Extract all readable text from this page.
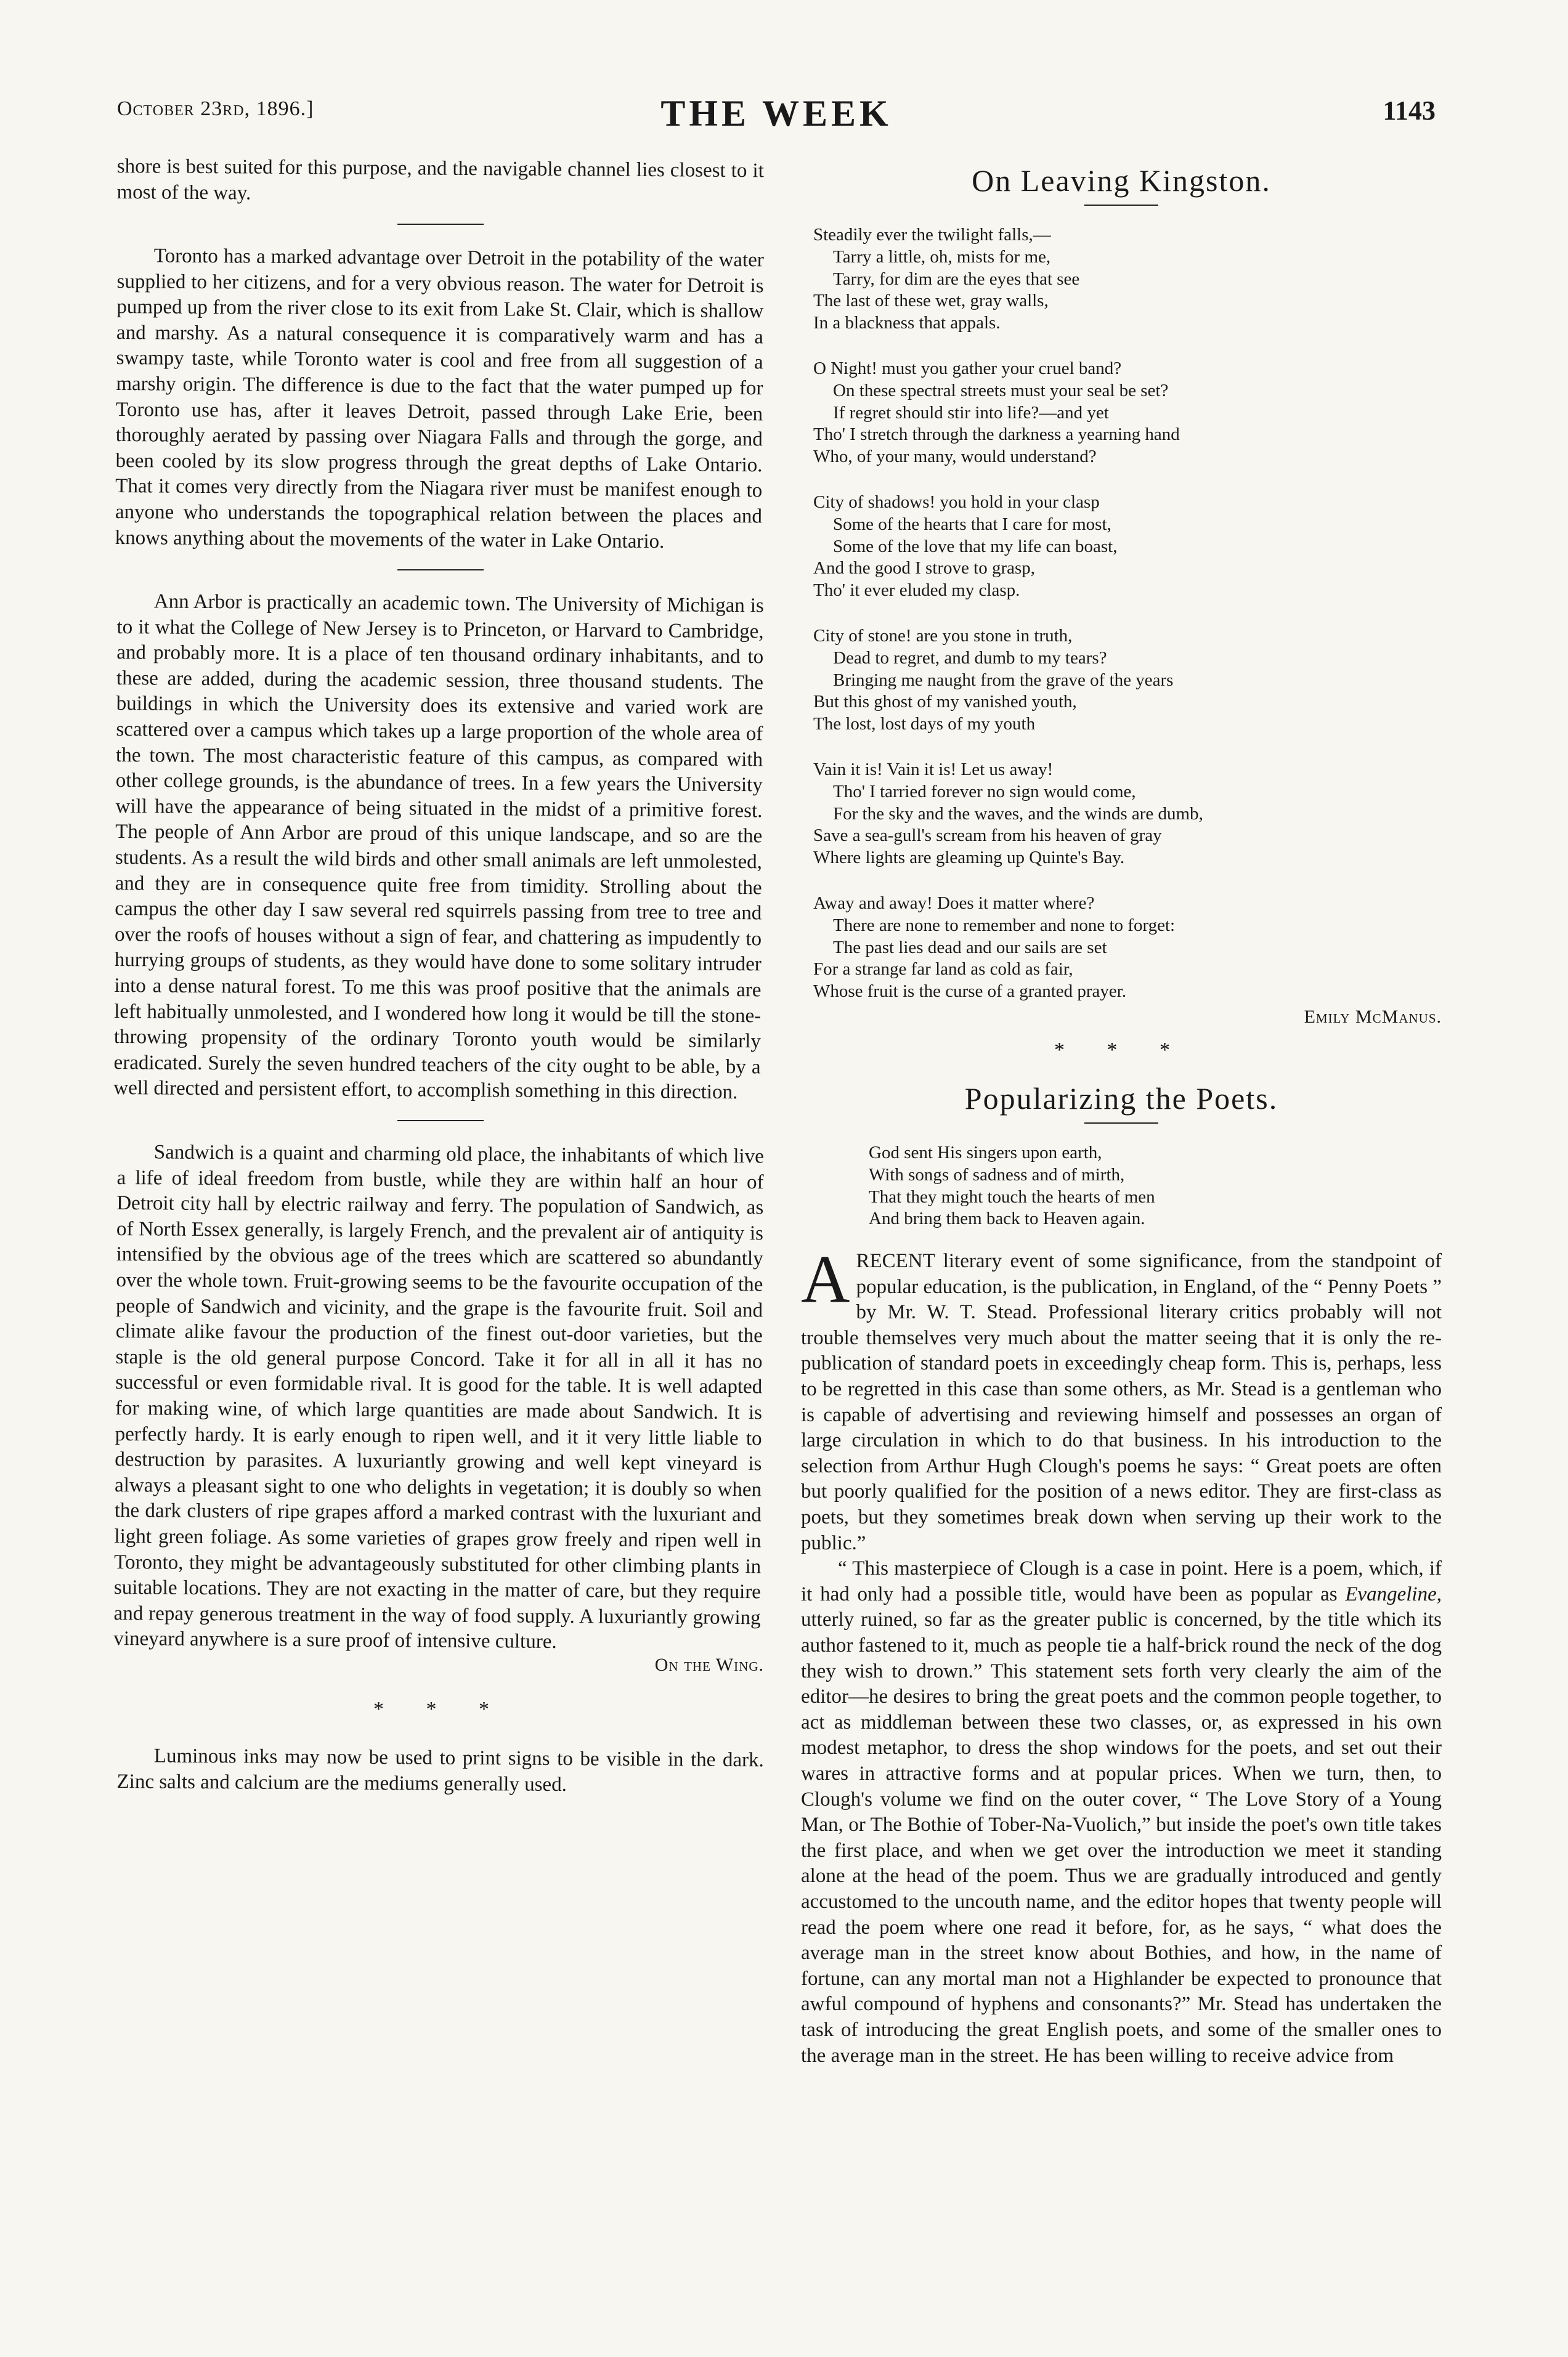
October 23rd, 1896.]	THE WEEK	1143

shore is best suited for this purpose, and the navigable channel lies closest to it most of the way.

Toronto has a marked advantage over Detroit in the potability of the water supplied to her citizens, and for a very obvious reason. The water for Detroit is pumped up from the river close to its exit from Lake St. Clair, which is shallow and marshy. As a natural consequence it is comparatively warm and has a swampy taste, while Toronto water is cool and free from all suggestion of a marshy origin. The difference is due to the fact that the water pumped up for Toronto use has, after it leaves Detroit, passed through Lake Erie, been thoroughly aerated by passing over Niagara Falls and through the gorge, and been cooled by its slow progress through the great depths of Lake Ontario. That it comes very directly from the Niagara river must be manifest enough to anyone who understands the topographical relation between the places and knows anything about the movements of the water in Lake Ontario.

Ann Arbor is practically an academic town. The University of Michigan is to it what the College of New Jersey is to Princeton, or Harvard to Cambridge, and probably more. It is a place of ten thousand ordinary inhabitants, and to these are added, during the academic session, three thousand students. The buildings in which the University does its extensive and varied work are scattered over a campus which takes up a large proportion of the whole area of the town. The most characteristic feature of this campus, as compared with other college grounds, is the abundance of trees. In a few years the University will have the appearance of being situated in the midst of a primitive forest. The people of Ann Arbor are proud of this unique landscape, and so are the students. As a result the wild birds and other small animals are left unmolested, and they are in consequence quite free from timidity. Strolling about the campus the other day I saw several red squirrels passing from tree to tree and over the roofs of houses without a sign of fear, and chattering as impudently to hurrying groups of students, as they would have done to some solitary intruder into a dense natural forest. To me this was proof positive that the animals are left habitually unmolested, and I wondered how long it would be till the stone-throwing propensity of the ordinary Toronto youth would be similarly eradicated. Surely the seven hundred teachers of the city ought to be able, by a well directed and persistent effort, to accomplish something in this direction.

Sandwich is a quaint and charming old place, the inhabitants of which live a life of ideal freedom from bustle, while they are within half an hour of Detroit city hall by electric railway and ferry. The population of Sandwich, as of North Essex generally, is largely French, and the prevalent air of antiquity is intensified by the obvious age of the trees which are scattered so abundantly over the whole town. Fruit-growing seems to be the favourite occupation of the people of Sandwich and vicinity, and the grape is the favourite fruit. Soil and climate alike favour the production of the finest out-door varieties, but the staple is the old general purpose Concord. Take it for all in all it has no successful or even formidable rival. It is good for the table. It is well adapted for making wine, of which large quantities are made about Sandwich. It is perfectly hardy. It is early enough to ripen well, and it it very little liable to destruction by parasites. A luxuriantly growing and well kept vineyard is always a pleasant sight to one who delights in vegetation; it is doubly so when the dark clusters of ripe grapes afford a marked contrast with the luxuriant and light green foliage. As some varieties of grapes grow freely and ripen well in Toronto, they might be advantageously substituted for other climbing plants in suitable locations. They are not exacting in the matter of care, but they require and repay generous treatment in the way of food supply. A luxuriantly growing vineyard anywhere is a sure proof of intensive culture.

On the Wing.
* * *

Luminous inks may now be used to print signs to be visible in the dark. Zinc salts and calcium are the mediums generally used.

On Leaving Kingston.
Steadily ever the twilight falls,—
Tarry a little, oh, mists for me,
Tarry, for dim are the eyes that see
The last of these wet, gray walls,
In a blackness that appals.
O Night! must you gather your cruel band?
On these spectral streets must your seal be set?
If regret should stir into life?—and yet
Tho' I stretch through the darkness a yearning hand
Who, of your many, would understand?
City of shadows! you hold in your clasp
Some of the hearts that I care for most,
Some of the love that my life can boast,
And the good I strove to grasp,
Tho' it ever eluded my clasp.
City of stone! are you stone in truth,
Dead to regret, and dumb to my tears?
Bringing me naught from the grave of the years
But this ghost of my vanished youth,
The lost, lost days of my youth
Vain it is! Vain it is! Let us away!
Tho' I tarried forever no sign would come,
For the sky and the waves, and the winds are dumb,
Save a sea-gull's scream from his heaven of gray
Where lights are gleaming up Quinte's Bay.
Away and away! Does it matter where?
There are none to remember and none to forget:
The past lies dead and our sails are set
For a strange far land as cold as fair,
Whose fruit is the curse of a granted prayer.
Emily McManus.
* * *
Popularizing the Poets.
God sent His singers upon earth,
With songs of sadness and of mirth,
That they might touch the hearts of men
And bring them back to Heaven again.

ARECENT literary event of some significance, from the standpoint of popular education, is the publication, in England, of the “ Penny Poets ” by Mr. W. T. Stead. Professional literary critics probably will not trouble themselves very much about the matter seeing that it is only the re-publication of standard poets in exceedingly cheap form. This is, perhaps, less to be regretted in this case than some others, as Mr. Stead is a gentleman who is capable of advertising and reviewing himself and possesses an organ of large circulation in which to do that business. In his introduction to the selection from Arthur Hugh Clough's poems he says: “ Great poets are often but poorly qualified for the position of a news editor. They are first-class as poets, but they sometimes break down when serving up their work to the public.”

“ This masterpiece of Clough is a case in point. Here is a poem, which, if it had only had a possible title, would have been as popular as Evangeline, utterly ruined, so far as the greater public is concerned, by the title which its author fastened to it, much as people tie a half-brick round the neck of the dog they wish to drown.” This statement sets forth very clearly the aim of the editor—he desires to bring the great poets and the common people together, to act as middleman between these two classes, or, as expressed in his own modest metaphor, to dress the shop windows for the poets, and set out their wares in attractive forms and at popular prices. When we turn, then, to Clough's volume we find on the outer cover, “ The Love Story of a Young Man, or The Bothie of Tober-Na-Vuolich,” but inside the poet's own title takes the first place, and when we get over the introduction we meet it standing alone at the head of the poem. Thus we are gradually introduced and gently accustomed to the uncouth name, and the editor hopes that twenty people will read the poem where one read it before, for, as he says, “ what does the average man in the street know about Bothies, and how, in the name of fortune, can any mortal man not a Highlander be expected to pronounce that awful compound of hyphens and consonants?” Mr. Stead has undertaken the task of introducing the great English poets, and some of the smaller ones to the average man in the street. He has been willing to receive advice from
